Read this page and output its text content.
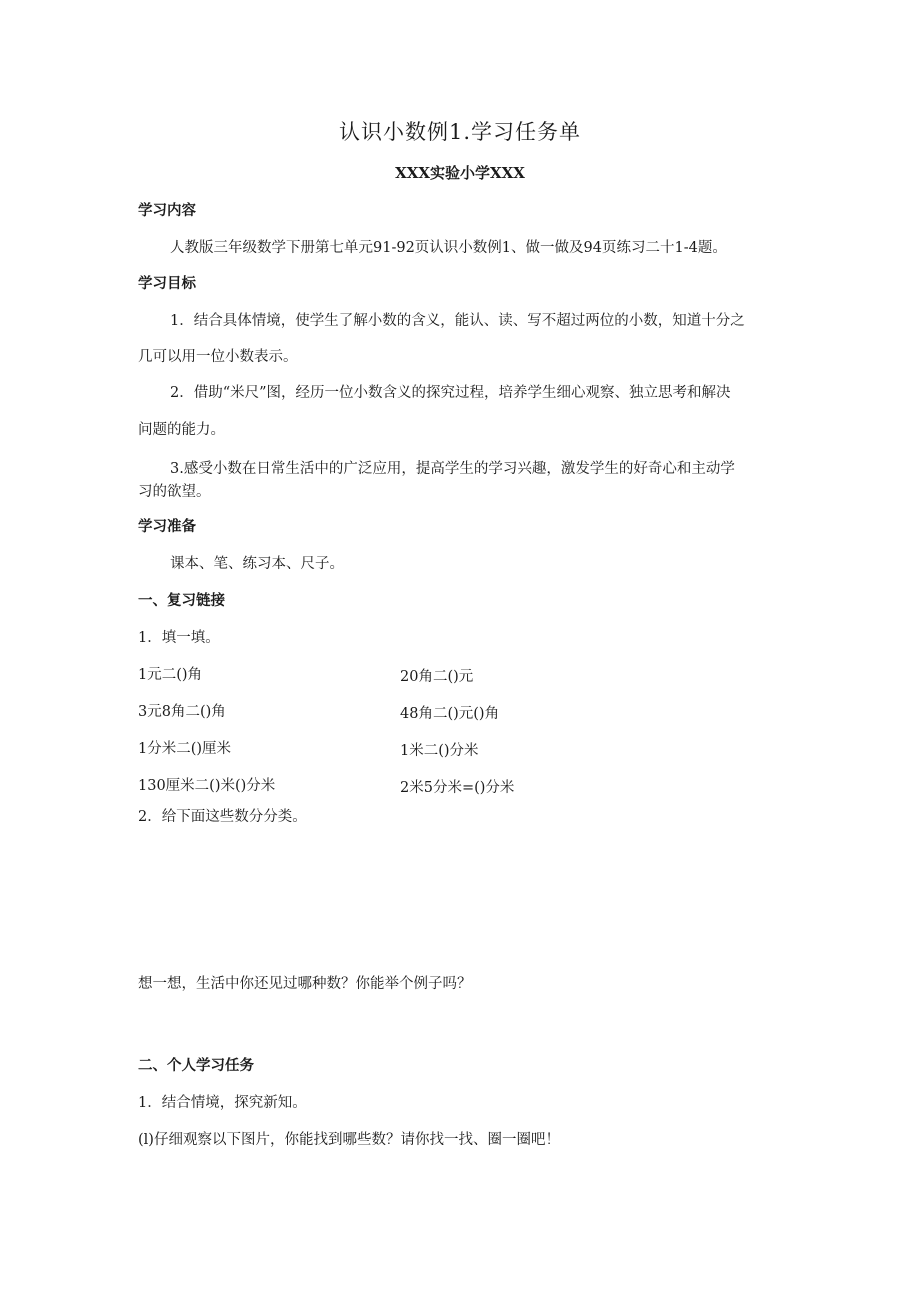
认识小数例1.学习任务单
XXX实验小学XXX
学习内容
人教版三年级数学下册第七单元91-92页认识小数例1、做一做及94页练习二十1-4题。
学习目标
1．结合具体情境，使学生了解小数的含义，能认、读、写不超过两位的小数，知道十分之
几可以用一位小数表示。
2．借助“米尺”图，经历一位小数含义的探究过程，培养学生细心观察、独立思考和解决
问题的能力。
3.感受小数在日常生活中的广泛应用，提高学生的学习兴趣，激发学生的好奇心和主动学
习的欲望。
学习准备
课本、笔、练习本、尺子。
一、复习链接
1．填一填。
1元二()角	20角二()元
3元8角二()角	48角二()元()角
1分米二()厘米	1米二()分米
130厘米二()米()分米	2米5分米=()分米
2．给下面这些数分分类。
想一想，生活中你还见过哪种数？你能举个例子吗？
二、个人学习任务
1．结合情境，探究新知。
(l)仔细观察以下图片，你能找到哪些数？请你找一找、圈一圈吧！
